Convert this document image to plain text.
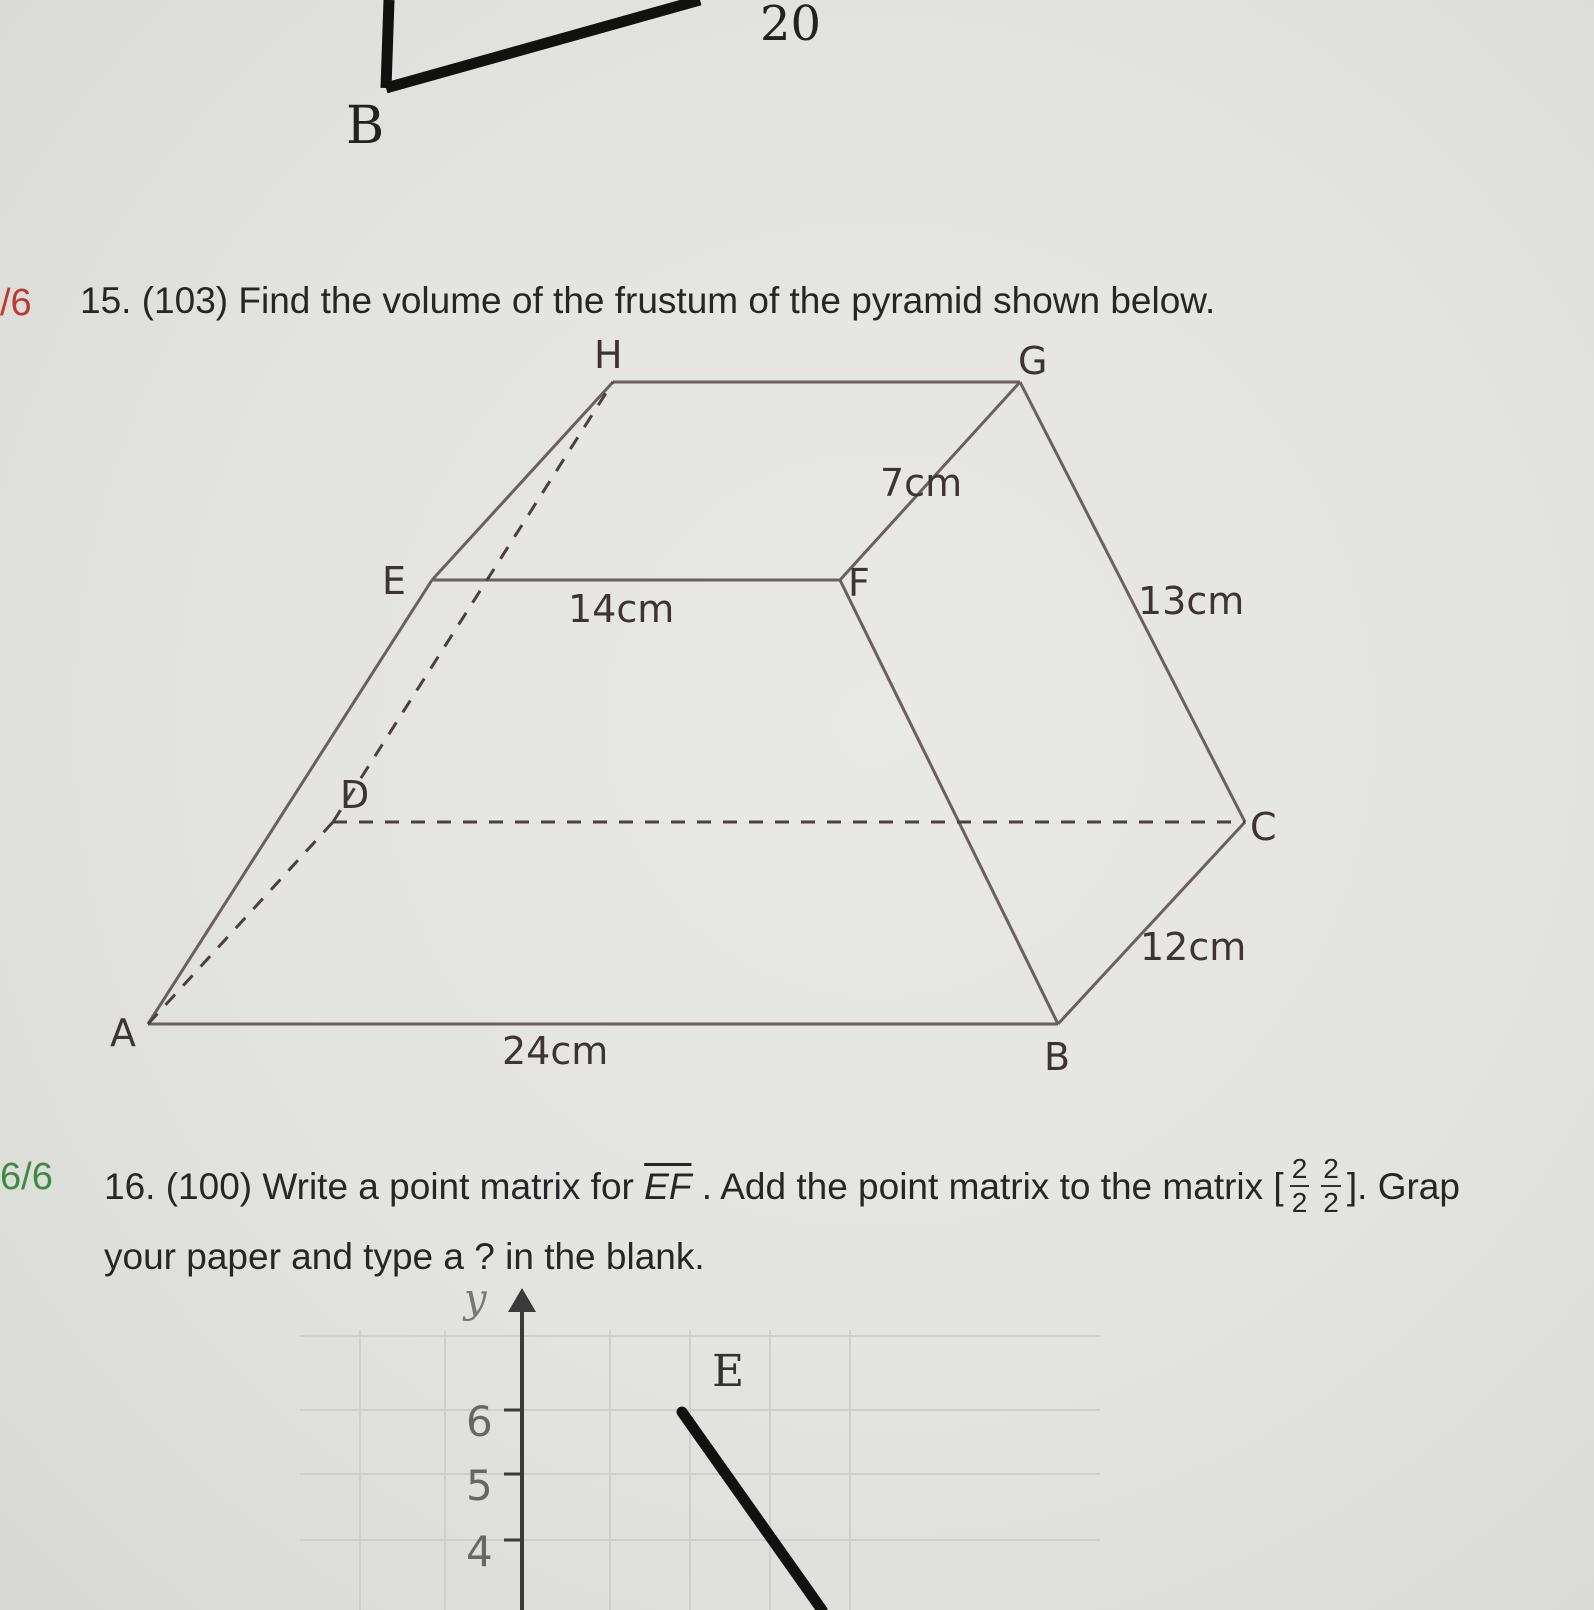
20
B
/6 15. (103) Find the volume of the frustum of the pyramid shown below.
H	G
E	F
D
C
A
B
7cm
14cm	13cm
12cm
24cm
6/6 16. (100) Write a point matrix for
$\overline{EF}$
. Add the point matrix to the matrix [ $\frac{2}{2} \frac{2}{2}$ ]. Grap
your paper and type a ? in the blank.
y
6
5
4
E
